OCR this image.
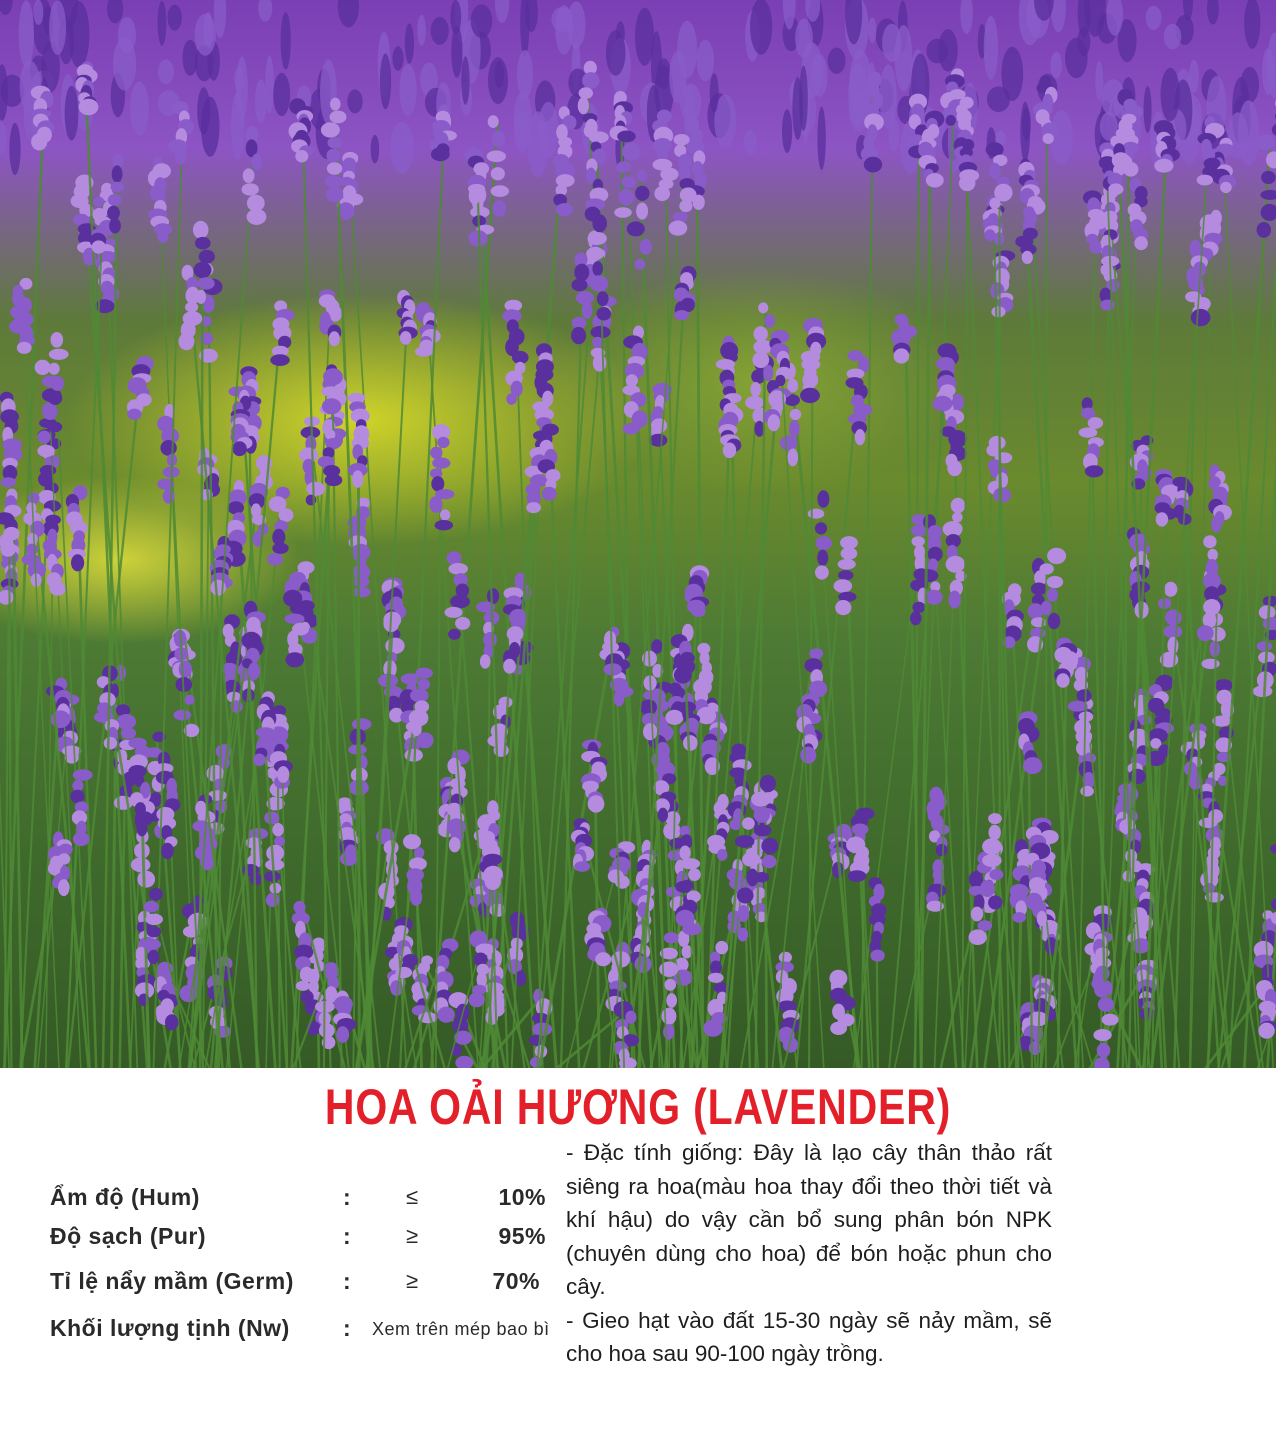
HOA OẢI HƯƠNG (LAVENDER)
Ẩm độ (Hum)	: ≤	10%
Độ sạch (Pur)	: ≥	95%
Tỉ lệ nẩy mầm (Germ) : ≥	70%
Khối lượng tịnh (Nw) : Xem trên mép bao bì

- Đặc tính giống: Đây là lạo cây thân thảo rất siêng ra hoa(màu hoa thay đổi theo thời tiết và khí hậu) do vậy cần bổ sung phân bón NPK (chuyên dùng cho hoa) để bón hoặc phun cho cây.

- Gieo hạt vào đất 15-30 ngày sẽ nảy mầm, sẽ cho hoa sau 90-100 ngày trồng.
